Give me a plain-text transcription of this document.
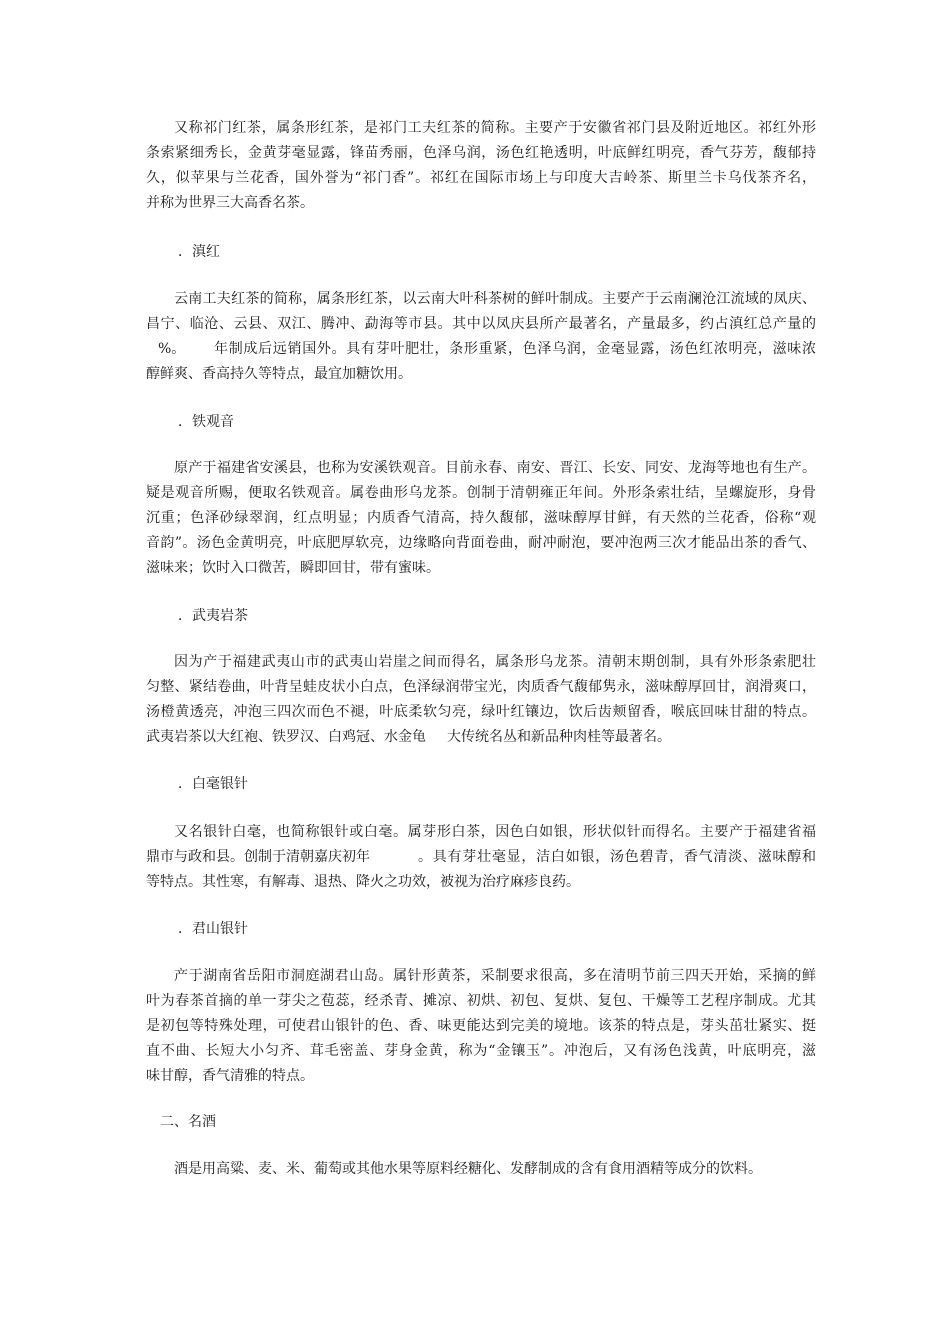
又称祁门红茶，属条形红茶，是祁门工夫红茶的简称。主要产于安徽省祁门县及附近地区。祁红外形
条索紧细秀长，金黄芽毫显露，锋苗秀丽，色泽乌润，汤色红艳透明，叶底鲜红明亮，香气芬芳，馥郁持
久，似苹果与兰花香，国外誉为“祁门香”。祁红在国际市场上与印度大吉岭茶、斯里兰卡乌伐茶齐名，
并称为世界三大高香名茶。
．滇红
云南工夫红茶的简称，属条形红茶，以云南大叶科茶树的鲜叶制成。主要产于云南澜沧江流域的凤庆、
昌宁、临沧、云县、双江、腾冲、勐海等市县。其中以凤庆县所产最著名，产量最多，约占滇红总产量的
%。 年制成后远销国外。具有芽叶肥壮，条形重紧，色泽乌润，金毫显露，汤色红浓明亮，滋味浓
醇鲜爽、香高持久等特点，最宜加糖饮用。
．铁观音
原产于福建省安溪县，也称为安溪铁观音。目前永春、南安、晋江、长安、同安、龙海等地也有生产。
疑是观音所赐，便取名铁观音。属卷曲形乌龙茶。创制于清朝雍正年间。外形条索壮结，呈螺旋形，身骨
沉重；色泽砂绿翠润，红点明显；内质香气清高，持久馥郁，滋味醇厚甘鲜，有天然的兰花香，俗称“观
音韵”。汤色金黄明亮，叶底肥厚软亮，边缘略向背面卷曲，耐冲耐泡，要冲泡两三次才能品出茶的香气、
滋味来；饮时入口微苦，瞬即回甘，带有蜜味。
．武夷岩茶
因为产于福建武夷山市的武夷山岩崖之间而得名，属条形乌龙茶。清朝末期创制，具有外形条索肥壮
匀整、紧结卷曲，叶背呈蛙皮状小白点，色泽绿润带宝光，肉质香气馥郁隽永，滋味醇厚回甘，润滑爽口，
汤橙黄透亮，冲泡三四次而色不褪，叶底柔软匀亮，绿叶红镶边，饮后齿颊留香，喉底回味甘甜的特点。
武夷岩茶以大红袍、铁罗汉、白鸡冠、水金龟 大传统名丛和新品种肉桂等最著名。
．白毫银针
又名银针白毫，也简称银针或白毫。属芽形白茶，因色白如银，形状似针而得名。主要产于福建省福
鼎市与政和县。创制于清朝嘉庆初年	。具有芽壮毫显，洁白如银，汤色碧青，香气清淡、滋味醇和
等特点。其性寒，有解毒、退热、降火之功效，被视为治疗麻疹良药。
．君山银针
产于湖南省岳阳市洞庭湖君山岛。属针形黄茶，采制要求很高，多在清明节前三四天开始，采摘的鲜
叶为春茶首摘的单一芽尖之苞蕊，经杀青、摊凉、初烘、初包、复烘、复包、干燥等工艺程序制成。尤其
是初包等特殊处理，可使君山银针的色、香、味更能达到完美的境地。该茶的特点是，芽头茁壮紧实、挺
直不曲、长短大小匀齐、茸毛密盖、芽身金黄，称为“金镶玉”。冲泡后，又有汤色浅黄，叶底明亮，滋
味甘醇，香气清雅的特点。
二、名酒
酒是用高粱、麦、米、葡萄或其他水果等原料经糖化、发酵制成的含有食用酒精等成分的饮料。
